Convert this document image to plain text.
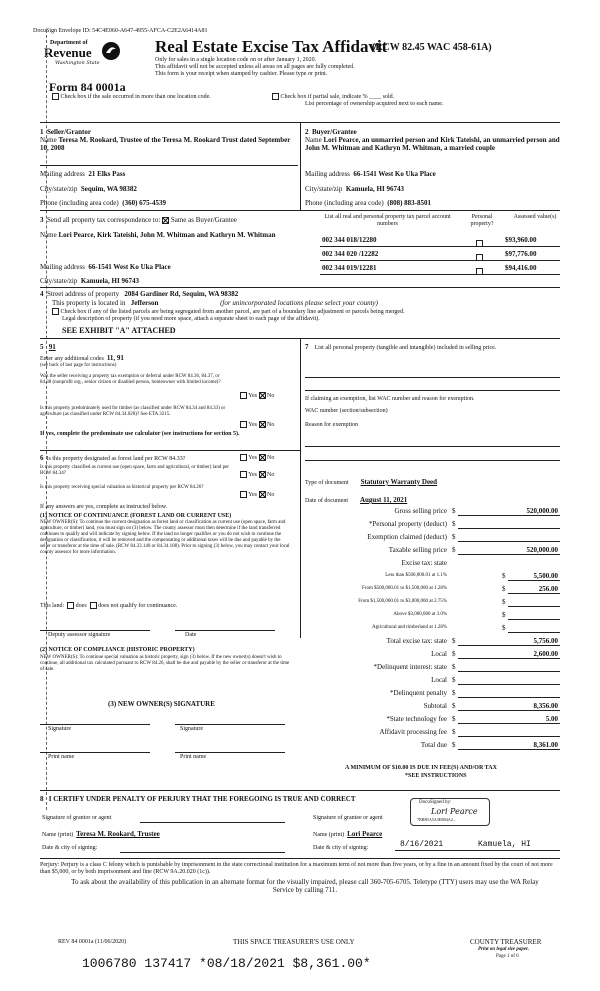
DocuSign Envelope ID: 54C4E060-A647-4955-AFCA-C2E2A6414A81
Department of
Revenue
Washington State
Form 84 0001a
Real Estate Excise Tax Affidavit
(RCW 82.45 WAC 458-61A)
Only for sales in a single location code on or after January 1, 2020.
This affidavit will not be accepted unless all areas on all pages are fully completed.
This form is your receipt when stamped by cashier. Please type or print.
Check box if the sale occurred in more than one location code.	Check box if partial sale, indicate % ____ sold.
List percentage of ownership acquired next to each name.
1 Seller/Grantor
Name Teresa M. Rookard, Trustee of the Teresa M. Rookard Trust dated September 10, 2008
Mailing address 21 Elks Pass
City/state/zip Sequim, WA 98382
Phone (including area code) (360) 675-4539
2 Buyer/Grantee
Name Lori Pearce, an unmarried person and Kirk Tateishi, an unmarried person and John M. Whitman and Kathryn M. Whitman, a married couple
Mailing address 66-1541 West Ko Uka Place
City/state/zip Kamuela, HI 96743
Phone (including area code) (808) 883-8501
3 Send all property tax correspondence to: Same as Buyer/Grantee
Name Lori Pearce, Kirk Tateishi, John M. Whitman and Kathryn M. Whitman
Mailing address 66-1541 West Ko Uka Place
City/state/zip Kamuela, HI 96743
List all real and personal property tax parcel account numbers
Personal property?
Assessed value(s)
002 344 018/12280	$93,960.00
002 344 020 /12282	$97,776.00
002 344 019/12281	$94,416.00
4 Street address of property 2084 Gardiner Rd, Sequim, WA 98382
This property is located in Jefferson	(for unincorporated locations please select your county)
Check box if any of the listed parcels are being segregated from another parcel, are part of a boundary line adjustment or parcels being merged.
Legal description of property (if you need more space, attach a separate sheet to each page of the affidavit).
SEE EXHIBIT "A" ATTACHED
5 91
Enter any additional codes 11, 91
(see back of last page for instructions)
Was the seller receiving a property tax exemption or deferral under RCW 84.36, 84.37, or 84.38 (nonprofit org., senior citizen or disabled person, homeowner with limited income)?
Yes No
Is this property predominately used for timber (as classified under RCW 84.34 and 84.33) or agriculture (as classified under RCW 84.34.020)? See ETA 3215.
Yes No
If yes, complete the predominate use calculator (see instructions for section 5).
6 Is this property designated as forest land per RCW 84.33?	Yes No
Is this property classified as current use (open space, farm and agricultural, or timber) land per RCW 84.34?	Yes No
Is this property receiving special valuation as historical property per RCW 84.26?
Yes No
If any answers are yes, complete as instructed below.
(1) NOTICE OF CONTINUANCE (FOREST LAND OR CURRENT USE)
NEW OWNER(S): To continue the current designation as forest land or classification as current use (open space, farm and agriculture, or timber) land, you must sign on (3) below. The county assessor must then determine if the land transferred continues to qualify and will indicate by signing below. If the land no longer qualifies or you do not wish to continue the designation or classification, it will be removed and the compensating or additional taxes will be due and payable by the seller or transferor at the time of sale. (RCW 84.33.140 or 84.34.108). Prior to signing (3) below, you may contact your local county assessor for more information.
This land: does does not qualify for continuance.
Deputy assessor signature	Date
(2) NOTICE OF COMPLIANCE (HISTORIC PROPERTY)
NEW OWNER(S): To continue special valuation as historic property, sign (3) below. If the new owner(s) doesn't wish to continue, all additional tax calculated pursuant to RCW 84.26, shall be due and payable by the seller or transferor at the time of sale.
(3) NEW OWNER(S) SIGNATURE
Signature	Signature
Print name	Print name
7 List all personal property (tangible and intangible) included in selling price.
If claiming an exemption, list WAC number and reason for exemption.
WAC number (section/subsection)
Reason for exemption
Type of document Statutory Warranty Deed
Date of document August 11, 2021
Gross selling price $	520,000.00
*Personal property (deduct) $
Exemption claimed (deduct) $
Taxable selling price $	520,000.00
Excise tax: state
Less than $500,000.01 at 1.1%	$	5,500.00
From $500,000.01 to $1,500,000 at 1.28%	$	256.00
From $1,500,000.01 to $3,000,000 at 2.75%	$
Above $3,000,000 at 3.0%	$
Agricultural and timberland at 1.28%	$
Total excise tax: state $	5,756.00
Local $	2,600.00
*Delinquent interest: state $
Local $
*Delinquent penalty $
Subtotal $	8,356.00
*State technology fee $	5.00
Affidavit processing fee $
Total due $	8,361.00
A MINIMUM OF $10.00 IS DUE IN FEE(S) AND/OR TAX
*SEE INSTRUCTIONS
8 I CERTIFY UNDER PENALTY OF PERJURY THAT THE FOREGOING IS TRUE AND CORRECT
Signature of grantor or agent
Name (print) Teresa M. Rookard, Trustee
Date & city of signing:
Signature of grantee or agent
DocuSigned by:
Lori Pearce
7BBB5A5A3E0B4A2...
Name (print) Lori Pearce
Date & city of signing:	8/16/2021	Kamuela, HI
Perjury: Perjury is a class C felony which is punishable by imprisonment in the state correctional institution for a maximum term of not more than five years, or by a fine in an amount fixed by the court of not more than $5,000, or by both imprisonment and fine (RCW 9A.20.020 (1c)).
To ask about the availability of this publication in an alternate format for the visually impaired, please call 360-705-6705. Teletype (TTY) users may use the WA Relay Service by calling 711.
REV 84 0001a (11/06/2020)	THIS SPACE TREASURER'S USE ONLY	COUNTY TREASURER
Print on legal size paper.
Page 1 of 6
1006780 137417 *08/18/2021 $8,361.00*
